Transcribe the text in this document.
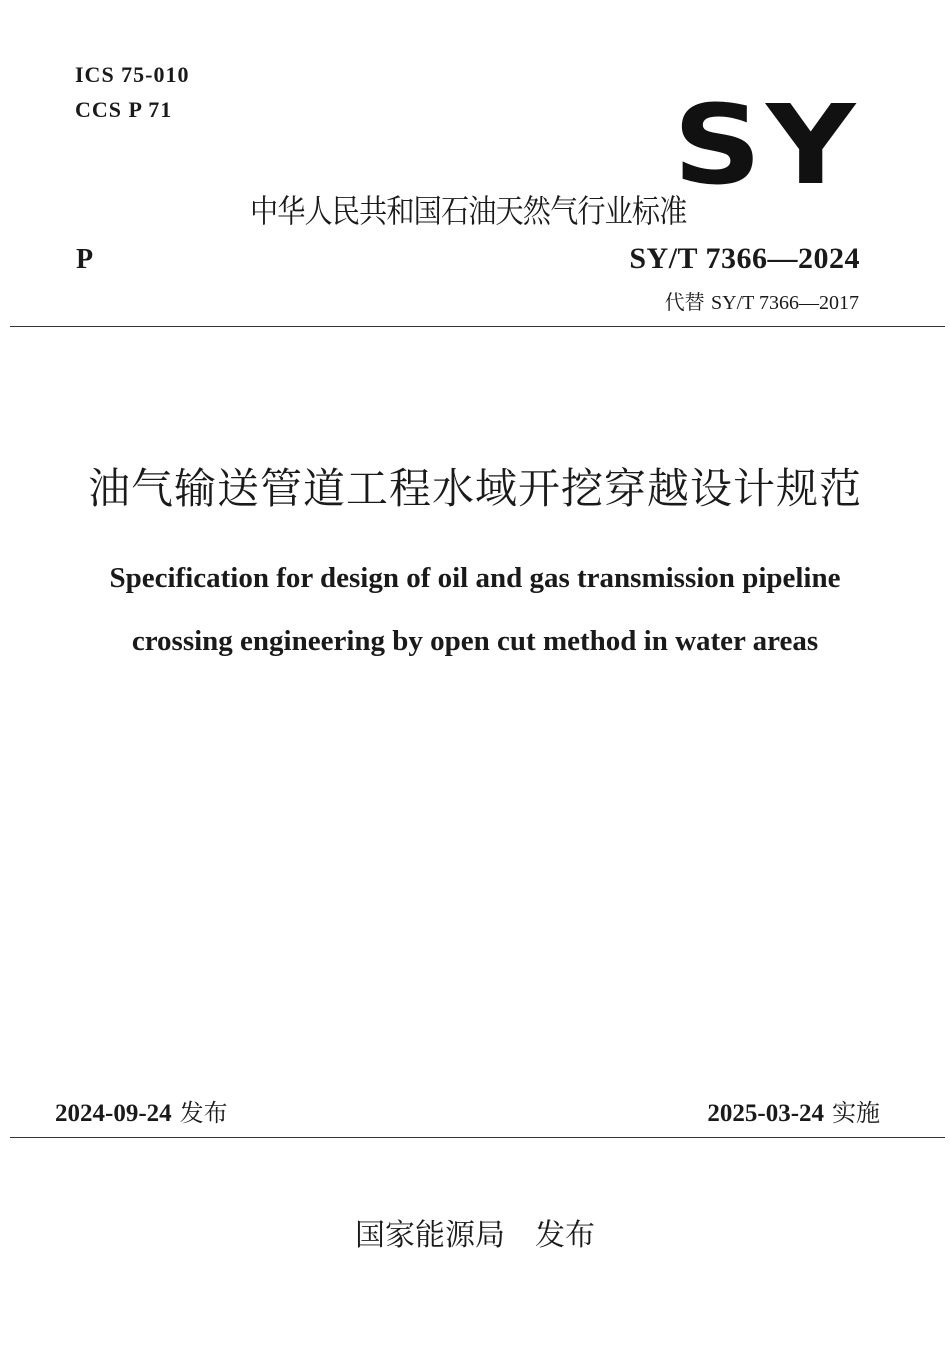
ICS 75-010
CCS P 71	SY
中华人民共和国石油天然气行业标准
P	SY/T 7366—2024
代替 SY/T 7366—2017
油气输送管道工程水域开挖穿越设计规范
Specification for design of oil and gas transmission pipeline
crossing engineering by open cut method in water areas
2024-09-24 发布	2025-03-24 实施
国家能源局 发布
